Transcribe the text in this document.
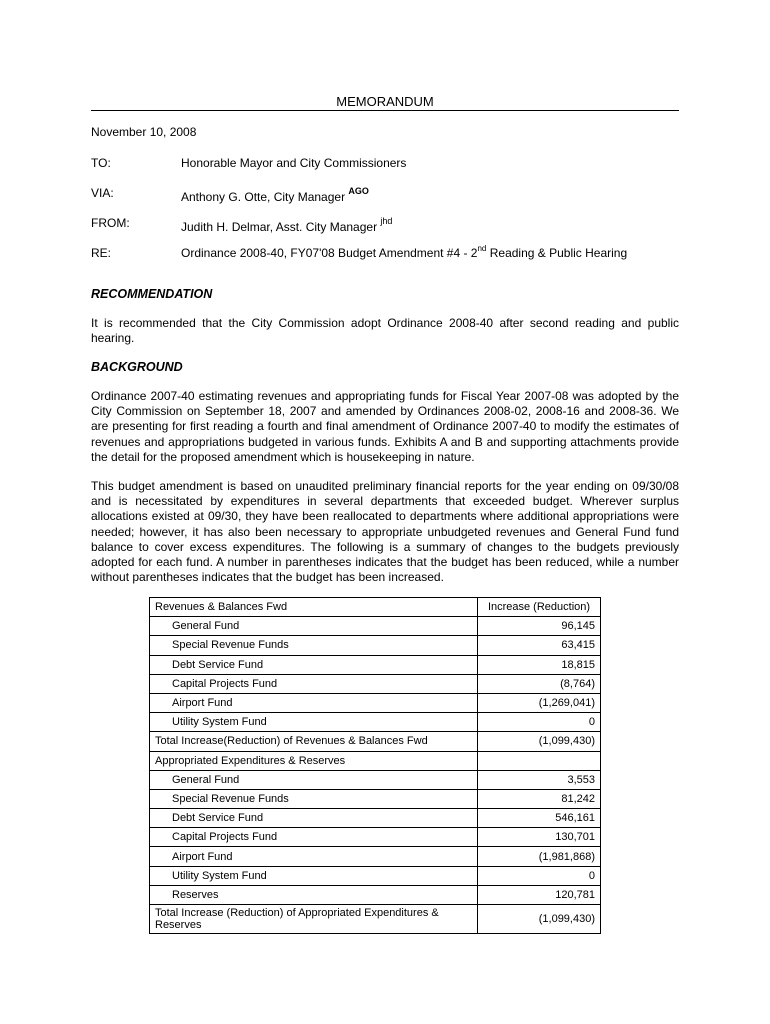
MEMORANDUM
November 10, 2008
TO:	Honorable Mayor and City Commissioners
VIA:	Anthony G. Otte, City Manager $^{AGO}$
FROM:	Judith H. Delmar, Asst. City Manager $^{jhd}$
RE:	Ordinance 2008-40, FY07'08 Budget Amendment #4 - 2nd Reading & Public Hearing
RECOMMENDATION
It is recommended that the City Commission adopt Ordinance 2008-40 after second reading and public hearing.
BACKGROUND
Ordinance 2007-40 estimating revenues and appropriating funds for Fiscal Year 2007-08 was adopted by the City Commission on September 18, 2007 and amended by Ordinances 2008-02, 2008-16 and 2008-36. We are presenting for first reading a fourth and final amendment of Ordinance 2007-40 to modify the estimates of revenues and appropriations budgeted in various funds. Exhibits A and B and supporting attachments provide the detail for the proposed amendment which is housekeeping in nature.
This budget amendment is based on unaudited preliminary financial reports for the year ending on 09/30/08 and is necessitated by expenditures in several departments that exceeded budget. Wherever surplus allocations existed at 09/30, they have been reallocated to departments where additional appropriations were needed; however, it has also been necessary to appropriate unbudgeted revenues and General Fund fund balance to cover excess expenditures. The following is a summary of changes to the budgets previously adopted for each fund. A number in parentheses indicates that the budget has been reduced, while a number without parentheses indicates that the budget has been increased.
Revenues & Balances Fwd	Increase (Reduction)
General Fund	96,145
Special Revenue Funds	63,415
Debt Service Fund	18,815
Capital Projects Fund	(8,764)
Airport Fund	(1,269,041)
Utility System Fund	0
Total Increase(Reduction) of Revenues & Balances Fwd	(1,099,430)
Appropriated Expenditures & Reserves	
General Fund	3,553
Special Revenue Funds	81,242
Debt Service Fund	546,161
Capital Projects Fund	130,701
Airport Fund	(1,981,868)
Utility System Fund	0
Reserves	120,781
Total Increase (Reduction) of Appropriated Expenditures & Reserves	(1,099,430)
